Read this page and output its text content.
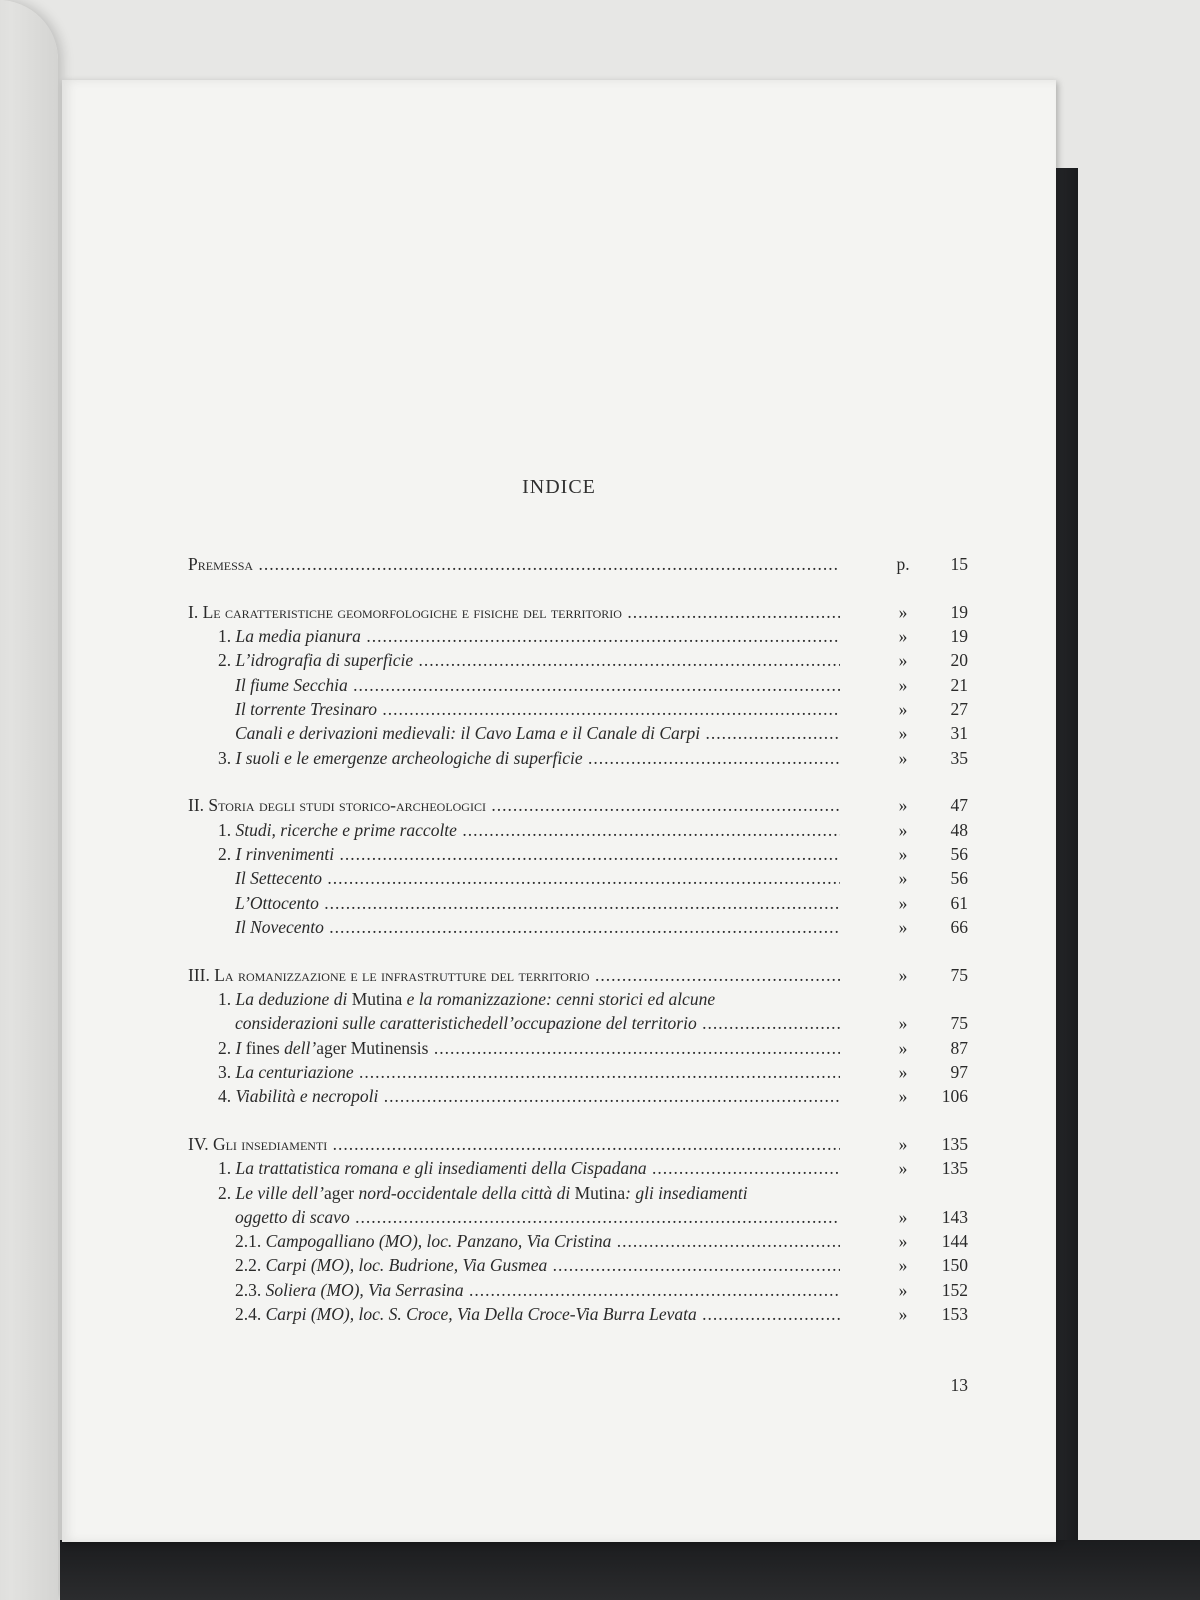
INDICE
Premessa .....	p.	15
I. Le caratteristiche geomorfologiche e fisiche del territorio .....	»	19
1. La media pianura .....	»	19
2. L’idrografia di superficie .....	»	20
Il fiume Secchia .....	»	21
Il torrente Tresinaro .....	»	27
Canali e derivazioni medievali: il Cavo Lama e il Canale di Carpi .....	»	31
3. I suoli e le emergenze archeologiche di superficie .....	»	35
II. Storia degli studi storico-archeologici .....	»	47
1. Studi, ricerche e prime raccolte .....	»	48
2. I rinvenimenti .....	»	56
Il Settecento .....	»	56
L’Ottocento .....	»	61
Il Novecento .....	»	66
III. La romanizzazione e le infrastrutture del territorio .....	»	75
1. La deduzione di Mutina e la romanizzazione: cenni storici ed alcune
considerazioni sulle caratteristichedell’occupazione del territorio .....	»	75
2. I fines dell’ager Mutinensis .....	»	87
3. La centuriazione .....	»	97
4. Viabilità e necropoli .....	»	106
IV. Gli insediamenti .....	»	135
1. La trattatistica romana e gli insediamenti della Cispadana .....	»	135
2. Le ville dell’ager nord-occidentale della città di Mutina: gli insediamenti
oggetto di scavo .....	»	143
2.1. Campogalliano (MO), loc. Panzano, Via Cristina .....	»	144
2.2. Carpi (MO), loc. Budrione, Via Gusmea .....	»	150
2.3. Soliera (MO), Via Serrasina .....	»	152
2.4. Carpi (MO), loc. S. Croce, Via Della Croce-Via Burra Levata .....	»	153
13
